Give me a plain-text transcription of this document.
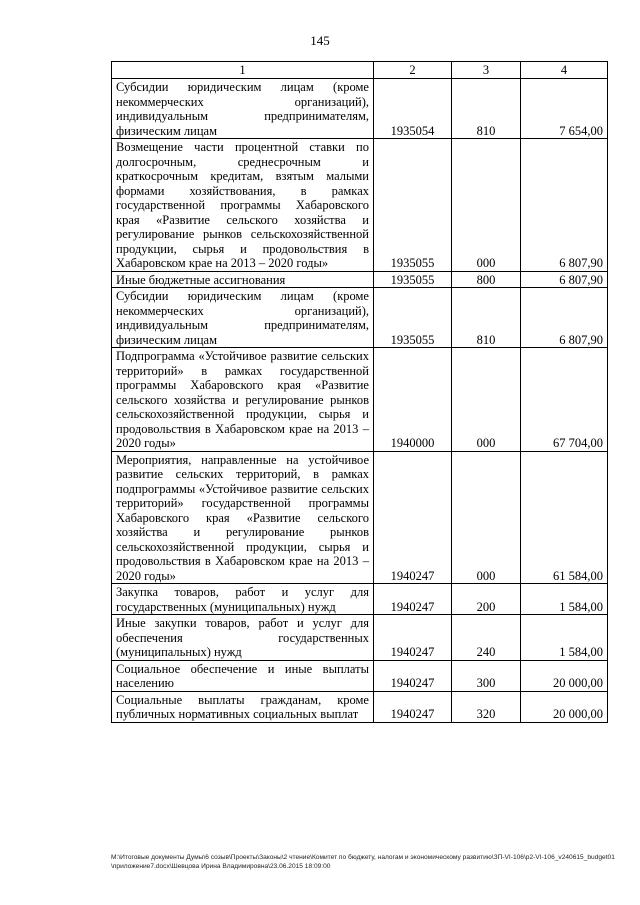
145
1	2	3	4
Субсидии юридическим лицам (кроме некоммерческих организаций), индивидуальным предпринимателям, физическим лицам	1935054	810	7 654,00
Возмещение части процентной ставки по долгосрочным, среднесрочным и краткосрочным кредитам, взятым малыми формами хозяйствования, в рамках государственной программы Хабаровского края «Развитие сельского хозяйства и регулирование рынков сельскохозяйственной продукции, сырья и продовольствия в Хабаровском крае на 2013 – 2020 годы»	1935055	000	6 807,90
Иные бюджетные ассигнования	1935055	800	6 807,90
Субсидии юридическим лицам (кроме некоммерческих организаций), индивидуальным предпринимателям, физическим лицам	1935055	810	6 807,90
Подпрограмма «Устойчивое развитие сельских территорий» в рамках государственной программы Хабаровского края «Развитие сельского хозяйства и регулирование рынков сельскохозяйственной продукции, сырья и продовольствия в Хабаровском крае на 2013 – 2020 годы»	1940000	000	67 704,00
Мероприятия, направленные на устойчивое развитие сельских территорий, в рамках подпрограммы «Устойчивое развитие сельских территорий» государственной программы Хабаровского края «Развитие сельского хозяйства и регулирование рынков сельскохозяйственной продукции, сырья и продовольствия в Хабаровском крае на 2013 – 2020 годы»	1940247	000	61 584,00
Закупка товаров, работ и услуг для государственных (муниципальных) нужд	1940247	200	1 584,00
Иные закупки товаров, работ и услуг для обеспечения государственных (муниципальных) нужд	1940247	240	1 584,00
Социальное обеспечение и иные выплаты населению	1940247	300	20 000,00
Социальные выплаты гражданам, кроме публичных нормативных социальных выплат	1940247	320	20 000,00
M:\Итоговые документы Думы\6 созыв\Проекты\Законы\2 чтение\Комитет по бюджету, налогам и экономическому развитию\ЗП-VI-106\р2-VI-106_v240615_budget01\приложение7.docx\Шевцова Ирина Владимировна\23.06.2015 18:09:00
